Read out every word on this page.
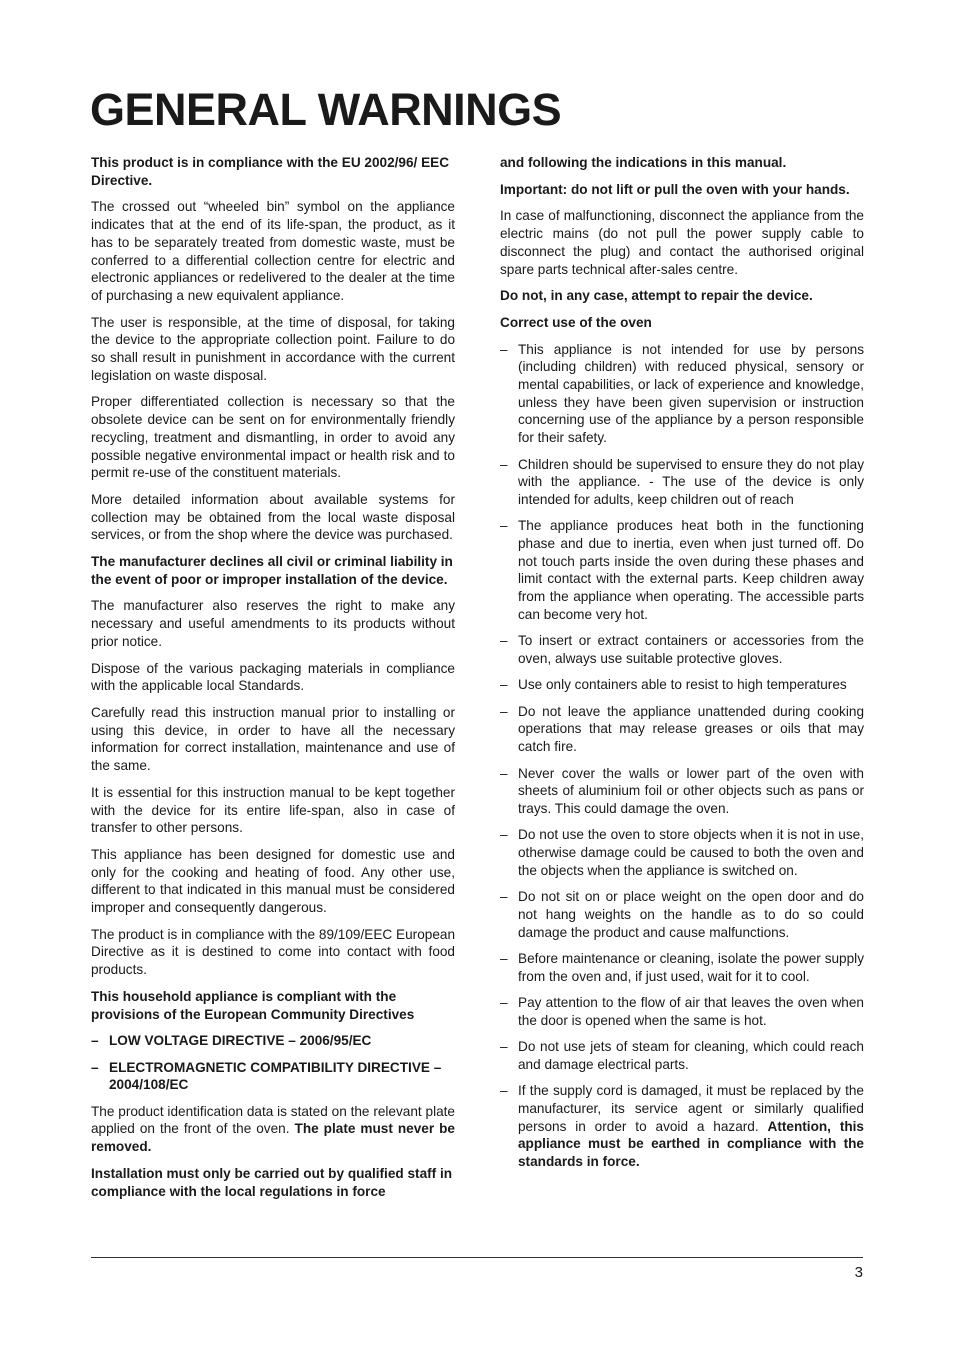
GENERAL WARNINGS

This product is in compliance with the EU 2002/96/ EEC Directive.

The crossed out “wheeled bin” symbol on the appliance indicates that at the end of its life-span, the product, as it has to be separately treated from domestic waste, must be conferred to a differential collection centre for electric and electronic appliances or redelivered to the dealer at the time of purchasing a new equivalent appliance.

The user is responsible, at the time of disposal, for taking the device to the appropriate collection point. Failure to do so shall result in punishment in accordance with the current legislation on waste disposal.

Proper differentiated collection is necessary so that the obsolete device can be sent on for environmentally friendly recycling, treatment and dismantling, in order to avoid any possible negative environmental impact or health risk and to permit re-use of the constituent materials.

More detailed information about available systems for collection may be obtained from the local waste disposal services, or from the shop where the device was purchased.

The manufacturer declines all civil or criminal liability in the event of poor or improper installation of the device.

The manufacturer also reserves the right to make any necessary and useful amendments to its products without prior notice.

Dispose of the various packaging materials in compliance with the applicable local Standards.

Carefully read this instruction manual prior to installing or using this device, in order to have all the necessary information for correct installation, maintenance and use of the same.

It is essential for this instruction manual to be kept together with the device for its entire life-span, also in case of transfer to other persons.

This appliance has been designed for domestic use and only for the cooking and heating of food. Any other use, different to that indicated in this manual must be considered improper and consequently dangerous.

The product is in compliance with the 89/109/EEC European Directive as it is destined to come into contact with food products.

This household appliance is compliant with the provisions of the European Community Directives

– LOW VOLTAGE DIRECTIVE – 2006/95/EC
– ELECTROMAGNETIC COMPATIBILITY DIRECTIVE – 2004/108/EC

The product identification data is stated on the relevant plate applied on the front of the oven. The plate must never be removed.

Installation must only be carried out by qualified staff in compliance with the local regulations in force

and following the indications in this manual.

Important: do not lift or pull the oven with your hands.

In case of malfunctioning, disconnect the appliance from the electric mains (do not pull the power supply cable to disconnect the plug) and contact the authorised original spare parts technical after-sales centre.

Do not, in any case, attempt to repair the device.

Correct use of the oven

– This appliance is not intended for use by persons (including children) with reduced physical, sensory or mental capabilities, or lack of experience and knowledge, unless they have been given supervision or instruction concerning use of the appliance by a person responsible for their safety.
– Children should be supervised to ensure they do not play with the appliance. - The use of the device is only intended for adults, keep children out of reach
– The appliance produces heat both in the functioning phase and due to inertia, even when just turned off. Do not touch parts inside the oven during these phases and limit contact with the external parts. Keep children away from the appliance when operating. The accessible parts can become very hot.
– To insert or extract containers or accessories from the oven, always use suitable protective gloves.
– Use only containers able to resist to high temperatures
– Do not leave the appliance unattended during cooking operations that may release greases or oils that may catch fire.
– Never cover the walls or lower part of the oven with sheets of aluminium foil or other objects such as pans or trays. This could damage the oven.
– Do not use the oven to store objects when it is not in use, otherwise damage could be caused to both the oven and the objects when the appliance is switched on.
– Do not sit on or place weight on the open door and do not hang weights on the handle as to do so could damage the product and cause malfunctions.
– Before maintenance or cleaning, isolate the power supply from the oven and, if just used, wait for it to cool.
– Pay attention to the flow of air that leaves the oven when the door is opened when the same is hot.
– Do not use jets of steam for cleaning, which could reach and damage electrical parts.
– If the supply cord is damaged, it must be replaced by the manufacturer, its service agent or similarly qualified persons in order to avoid a hazard. Attention, this appliance must be earthed in compliance with the standards in force.
3
